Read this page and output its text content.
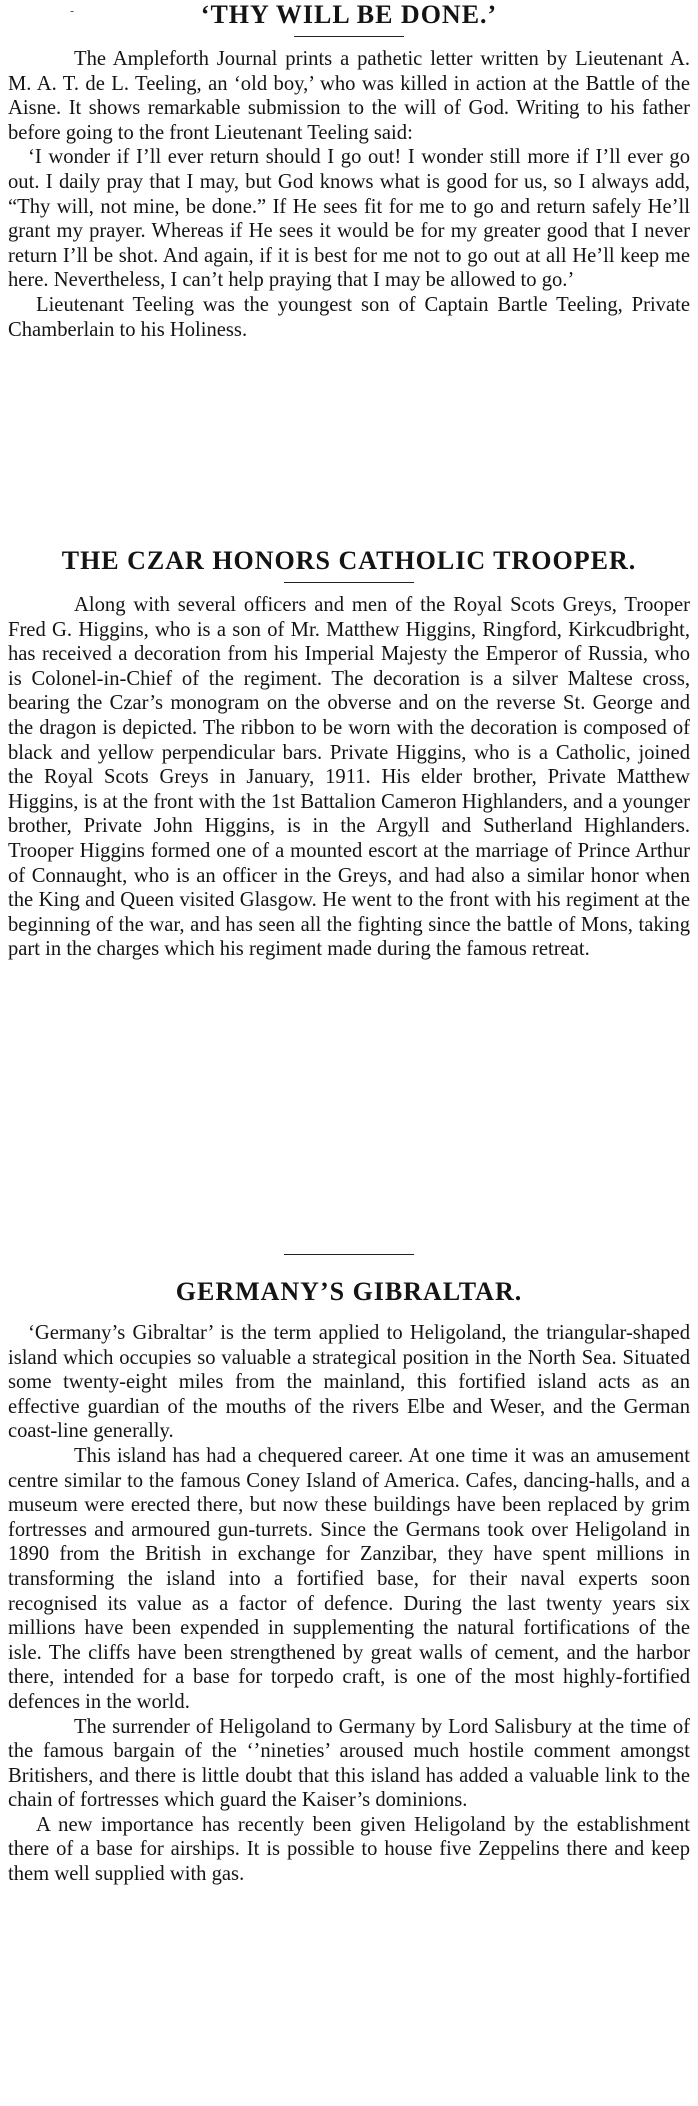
-	‘THY WILL BE DONE.’

The Ampleforth Journal prints a pathetic letter written by Lieutenant A. M. A. T. de L. Teeling, an ‘old boy,’ who was killed in action at the Battle of the Aisne. It shows remarkable submission to the will of God. Writing to his father before going to the front Lieutenant Teeling said:

‘I wonder if I’ll ever return should I go out! I wonder still more if I’ll ever go out. I daily pray that I may, but God knows what is good for us, so I always add, “Thy will, not mine, be done.” If He sees fit for me to go and return safely He’ll grant my prayer. Whereas if He sees it would be for my greater good that I never return I’ll be shot. And again, if it is best for me not to go out at all He’ll keep me here. Nevertheless, I can’t help praying that I may be allowed to go.’

Lieutenant Teeling was the youngest son of Captain Bartle Teeling, Private Chamberlain to his Holiness.

THE CZAR HONORS CATHOLIC TROOPER.

Along with several officers and men of the Royal Scots Greys, Trooper Fred G. Higgins, who is a son of Mr. Matthew Higgins, Ringford, Kirkcudbright, has received a decoration from his Imperial Majesty the Emperor of Russia, who is Colonel-in-Chief of the regiment. The decoration is a silver Maltese cross, bearing the Czar’s monogram on the obverse and on the reverse St. George and the dragon is depicted. The ribbon to be worn with the decoration is composed of black and yellow perpendicular bars. Private Higgins, who is a Catholic, joined the Royal Scots Greys in January, 1911. His elder brother, Private Matthew Higgins, is at the front with the 1st Battalion Cameron Highlanders, and a younger brother, Private John Higgins, is in the Argyll and Sutherland Highlanders. Trooper Higgins formed one of a mounted escort at the marriage of Prince Arthur of Connaught, who is an officer in the Greys, and had also a similar honor when the King and Queen visited Glasgow. He went to the front with his regiment at the beginning of the war, and has seen all the fighting since the battle of Mons, taking part in the charges which his regiment made during the famous retreat.

GERMANY’S GIBRALTAR.

‘Germany’s Gibraltar’ is the term applied to Heligoland, the triangular-shaped island which occupies so valuable a strategical position in the North Sea. Situated some twenty-eight miles from the mainland, this fortified island acts as an effective guardian of the mouths of the rivers Elbe and Weser, and the German coast-line generally.

This island has had a chequered career. At one time it was an amusement centre similar to the famous Coney Island of America. Cafes, dancing-halls, and a museum were erected there, but now these buildings have been replaced by grim fortresses and armoured gun-turrets. Since the Germans took over Heligoland in 1890 from the British in exchange for Zanzibar, they have spent millions in transforming the island into a fortified base, for their naval experts soon recognised its value as a factor of defence. During the last twenty years six millions have been expended in supplementing the natural fortifications of the isle. The cliffs have been strengthened by great walls of cement, and the harbor there, intended for a base for torpedo craft, is one of the most highly-fortified defences in the world.

The surrender of Heligoland to Germany by Lord Salisbury at the time of the famous bargain of the ‘’nineties’ aroused much hostile comment amongst Britishers, and there is little doubt that this island has added a valuable link to the chain of fortresses which guard the Kaiser’s dominions.

A new importance has recently been given Heligoland by the establishment there of a base for airships. It is possible to house five Zeppelins there and keep them well supplied with gas.
